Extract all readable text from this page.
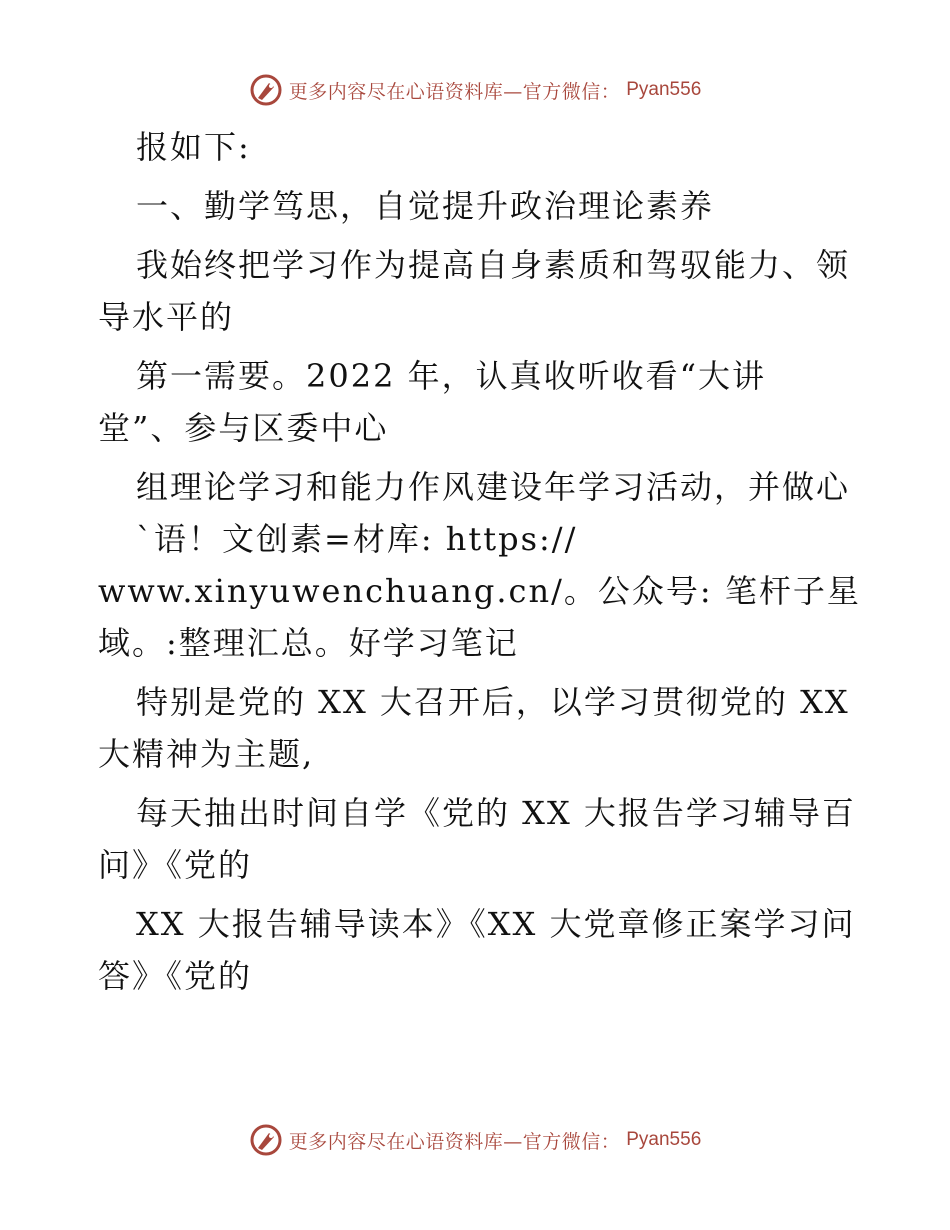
更多内容尽在心语资料库—官方微信： Pyan556
报如下:
一、勤学笃思，自觉提升政治理论素养
我始终把学习作为提高自身素质和驾驭能力、领
导水平的
第一需要。2022 年，认真收听收看“大讲
堂”、参与区委中心
组理论学习和能力作风建设年学习活动，并做心
`语！文创素=材库: https://
www.xinyuwenchuang.cn/。公众号: 笔杆子星
域。:整理汇总。好学习笔记
特别是党的 XX 大召开后，以学习贯彻党的 XX
大精神为主题,
每天抽出时间自学《党的 XX 大报告学习辅导百
问》《党的
XX 大报告辅导读本》《XX 大党章修正案学习问
答》《党的
更多内容尽在心语资料库—官方微信： Pyan556
